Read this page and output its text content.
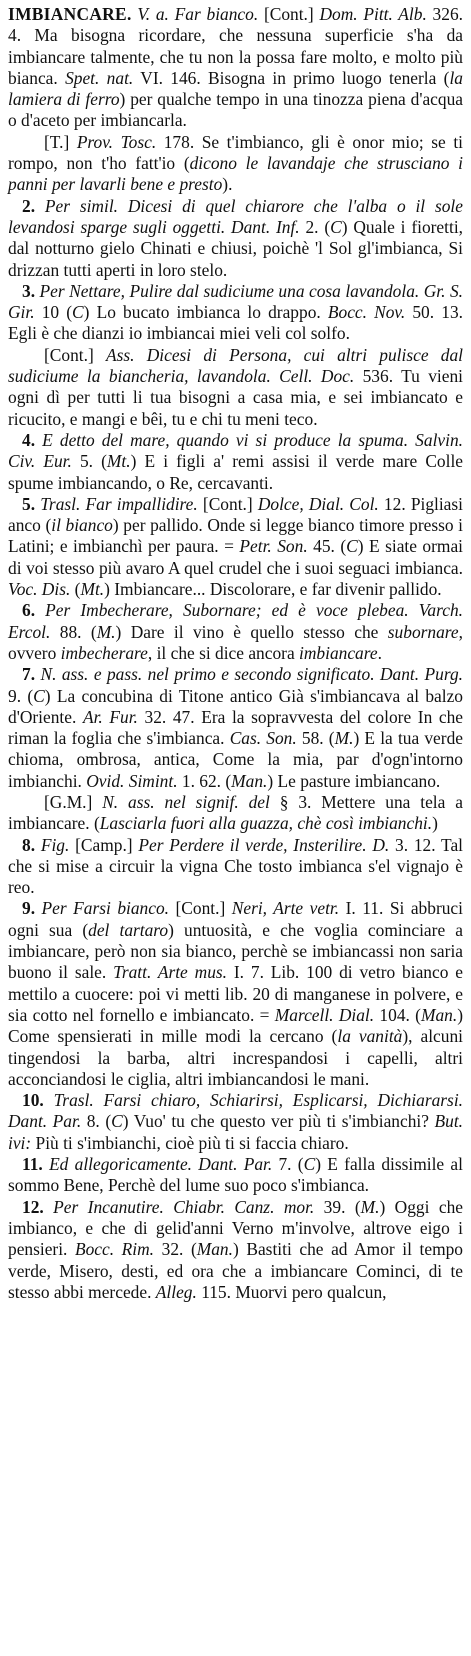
IMBIANCARE. V. a. Far bianco. [Cont.] Dom. Pitt. Alb. 326. 4. Ma bisogna ricordare, che nessuna superficie s'ha da imbiancare talmente, che tu non la possa fare molto, e molto più bianca. Spet. nat. VI. 146. Bisogna in primo luogo tenerla (la lamiera di ferro) per qualche tempo in una tinozza piena d'acqua o d'aceto per imbiancarla.

[T.] Prov. Tosc. 178. Se t'imbianco, gli è onor mio; se ti rompo, non t'ho fatt'io (dicono le lavandaje che strusciano i panni per lavarli bene e presto).

2. Per simil. Dicesi di quel chiarore che l'alba o il sole levandosi sparge sugli oggetti. Dant. Inf. 2. (C) Quale i fioretti, dal notturno gielo Chinati e chiusi, poichè 'l Sol gl'imbianca, Si drizzan tutti aperti in loro stelo.

3. Per Nettare, Pulire dal sudiciume una cosa lavandola. Gr. S. Gir. 10 (C) Lo bucato imbianca lo drappo. Bocc. Nov. 50. 13. Egli è che dianzi io imbiancai miei veli col solfo.

[Cont.] Ass. Dicesi di Persona, cui altri pulisce dal sudiciume la biancheria, lavandola. Cell. Doc. 536. Tu vieni ogni dì per tutti li tua bisogni a casa mia, e sei imbiancato e ricucito, e mangi e bêi, tu e chi tu meni teco.

4. E detto del mare, quando vi si produce la spuma. Salvin. Civ. Eur. 5. (Mt.) E i figli a' remi assisi il verde mare Colle spume imbiancando, o Re, cercavanti.

5. Trasl. Far impallidire. [Cont.] Dolce, Dial. Col. 12. Pigliasi anco (il bianco) per pallido. Onde si legge bianco timore presso i Latini; e imbianchì per paura. = Petr. Son. 45. (C) E siate ormai di voi stesso più avaro A quel crudel che i suoi seguaci imbianca. Voc. Dis. (Mt.) Imbiancare... Discolorare, e far divenir pallido.

6. Per Imbecherare, Subornare; ed è voce plebea. Varch. Ercol. 88. (M.) Dare il vino è quello stesso che subornare, ovvero imbecherare, il che si dice ancora imbiancare.

7. N. ass. e pass. nel primo e secondo significato. Dant. Purg. 9. (C) La concubina di Titone antico Già s'imbiancava al balzo d'Oriente. Ar. Fur. 32. 47. Era la sopravvesta del colore In che riman la foglia che s'imbianca. Cas. Son. 58. (M.) E la tua verde chioma, ombrosa, antica, Come la mia, par d'ogn'intorno imbianchi. Ovid. Simint. 1. 62. (Man.) Le pasture imbiancano.

[G.M.] N. ass. nel signif. del § 3. Mettere una tela a imbiancare. (Lasciarla fuori alla guazza, chè così imbianchi.)

8. Fig. [Camp.] Per Perdere il verde, Insterilire. D. 3. 12. Tal che si mise a circuir la vigna Che tosto imbianca s'el vignajo è reo.

9. Per Farsi bianco. [Cont.] Neri, Arte vetr. I. 11. Si abbruci ogni sua (del tartaro) untuosità, e che voglia cominciare a imbiancare, però non sia bianco, perchè se imbiancassi non saria buono il sale. Tratt. Arte mus. I. 7. Lib. 100 di vetro bianco e mettilo a cuocere: poi vi metti lib. 20 di manganese in polvere, e sia cotto nel fornello e imbiancato. = Marcell. Dial. 104. (Man.) Come spensierati in mille modi la cercano (la vanità), alcuni tingendosi la barba, altri increspandosi i capelli, altri acconciandosi le ciglia, altri imbiancandosi le mani.

10. Trasl. Farsi chiaro, Schiarirsi, Esplicarsi, Dichiararsi. Dant. Par. 8. (C) Vuo' tu che questo ver più ti s'imbianchi? But. ivi: Più ti s'imbianchi, cioè più ti si faccia chiaro.

11. Ed allegoricamente. Dant. Par. 7. (C) E falla dissimile al sommo Bene, Perchè del lume suo poco s'imbianca.

12. Per Incanutire. Chiabr. Canz. mor. 39. (M.) Oggi che imbianco, e che di gelid'anni Verno m'involve, altrove eigo i pensieri. Bocc. Rim. 32. (Man.) Bastiti che ad Amor il tempo verde, Misero, desti, ed ora che a imbiancare Cominci, di te stesso abbi mercede. Alleg. 115. Muorvi pero qualcun,
